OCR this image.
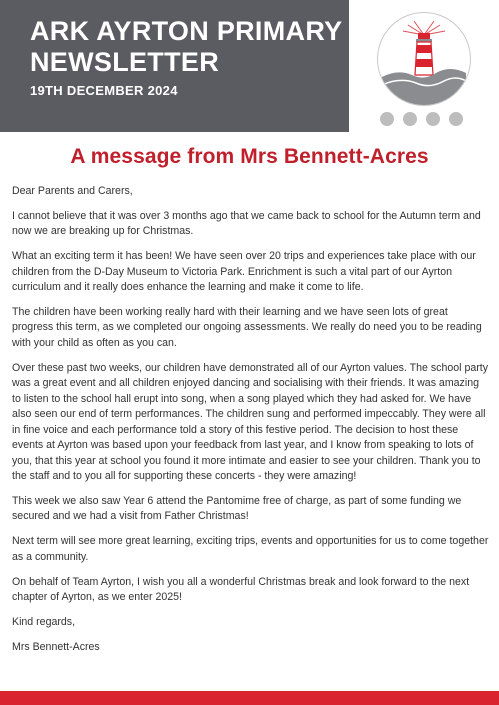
ARK AYRTON PRIMARY
NEWSLETTER
19TH DECEMBER 2024
A message from Mrs Bennett-Acres

Dear Parents and Carers,

I cannot believe that it was over 3 months ago that we came back to school for the Autumn term and now we are breaking up for Christmas.

What an exciting term it has been! We have seen over 20 trips and experiences take place with our children from the D-Day Museum to Victoria Park. Enrichment is such a vital part of our Ayrton curriculum and it really does enhance the learning and make it come to life.

The children have been working really hard with their learning and we have seen lots of great progress this term, as we completed our ongoing assessments. We really do need you to be reading with your child as often as you can.

Over these past two weeks, our children have demonstrated all of our Ayrton values. The school party was a great event and all children enjoyed dancing and socialising with their friends. It was amazing to listen to the school hall erupt into song, when a song played which they had asked for. We have also seen our end of term performances. The children sung and performed impeccably. They were all in fine voice and each performance told a story of this festive period. The decision to host these events at Ayrton was based upon your feedback from last year, and I know from speaking to lots of you, that this year at school you found it more intimate and easier to see your children. Thank you to the staff and to you all for supporting these concerts - they were amazing!

This week we also saw Year 6 attend the Pantomime free of charge, as part of some funding we secured and we had a visit from Father Christmas!

Next term will see more great learning, exciting trips, events and opportunities for us to come together as a community.

On behalf of Team Ayrton, I wish you all a wonderful Christmas break and look forward to the next chapter of Ayrton, as we enter 2025!

Kind regards,

Mrs Bennett-Acres
